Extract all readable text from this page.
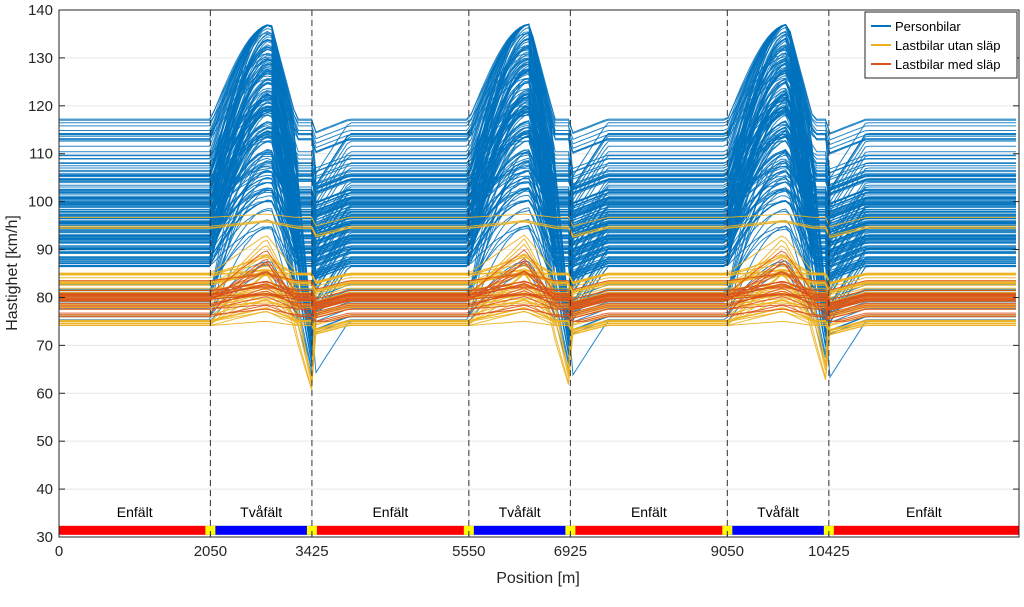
Enfält	Tvåfält	Enfält	Tvåfält	Enfält	Tvåfält	Enfält
30
40
50
60
70
80
90
100
110
120
130
140
0	2050	3425	5550	6925	9050	10425
Position [m]
Hastighet [km/h]
Personbilar
Lastbilar utan släp
Lastbilar med släp
